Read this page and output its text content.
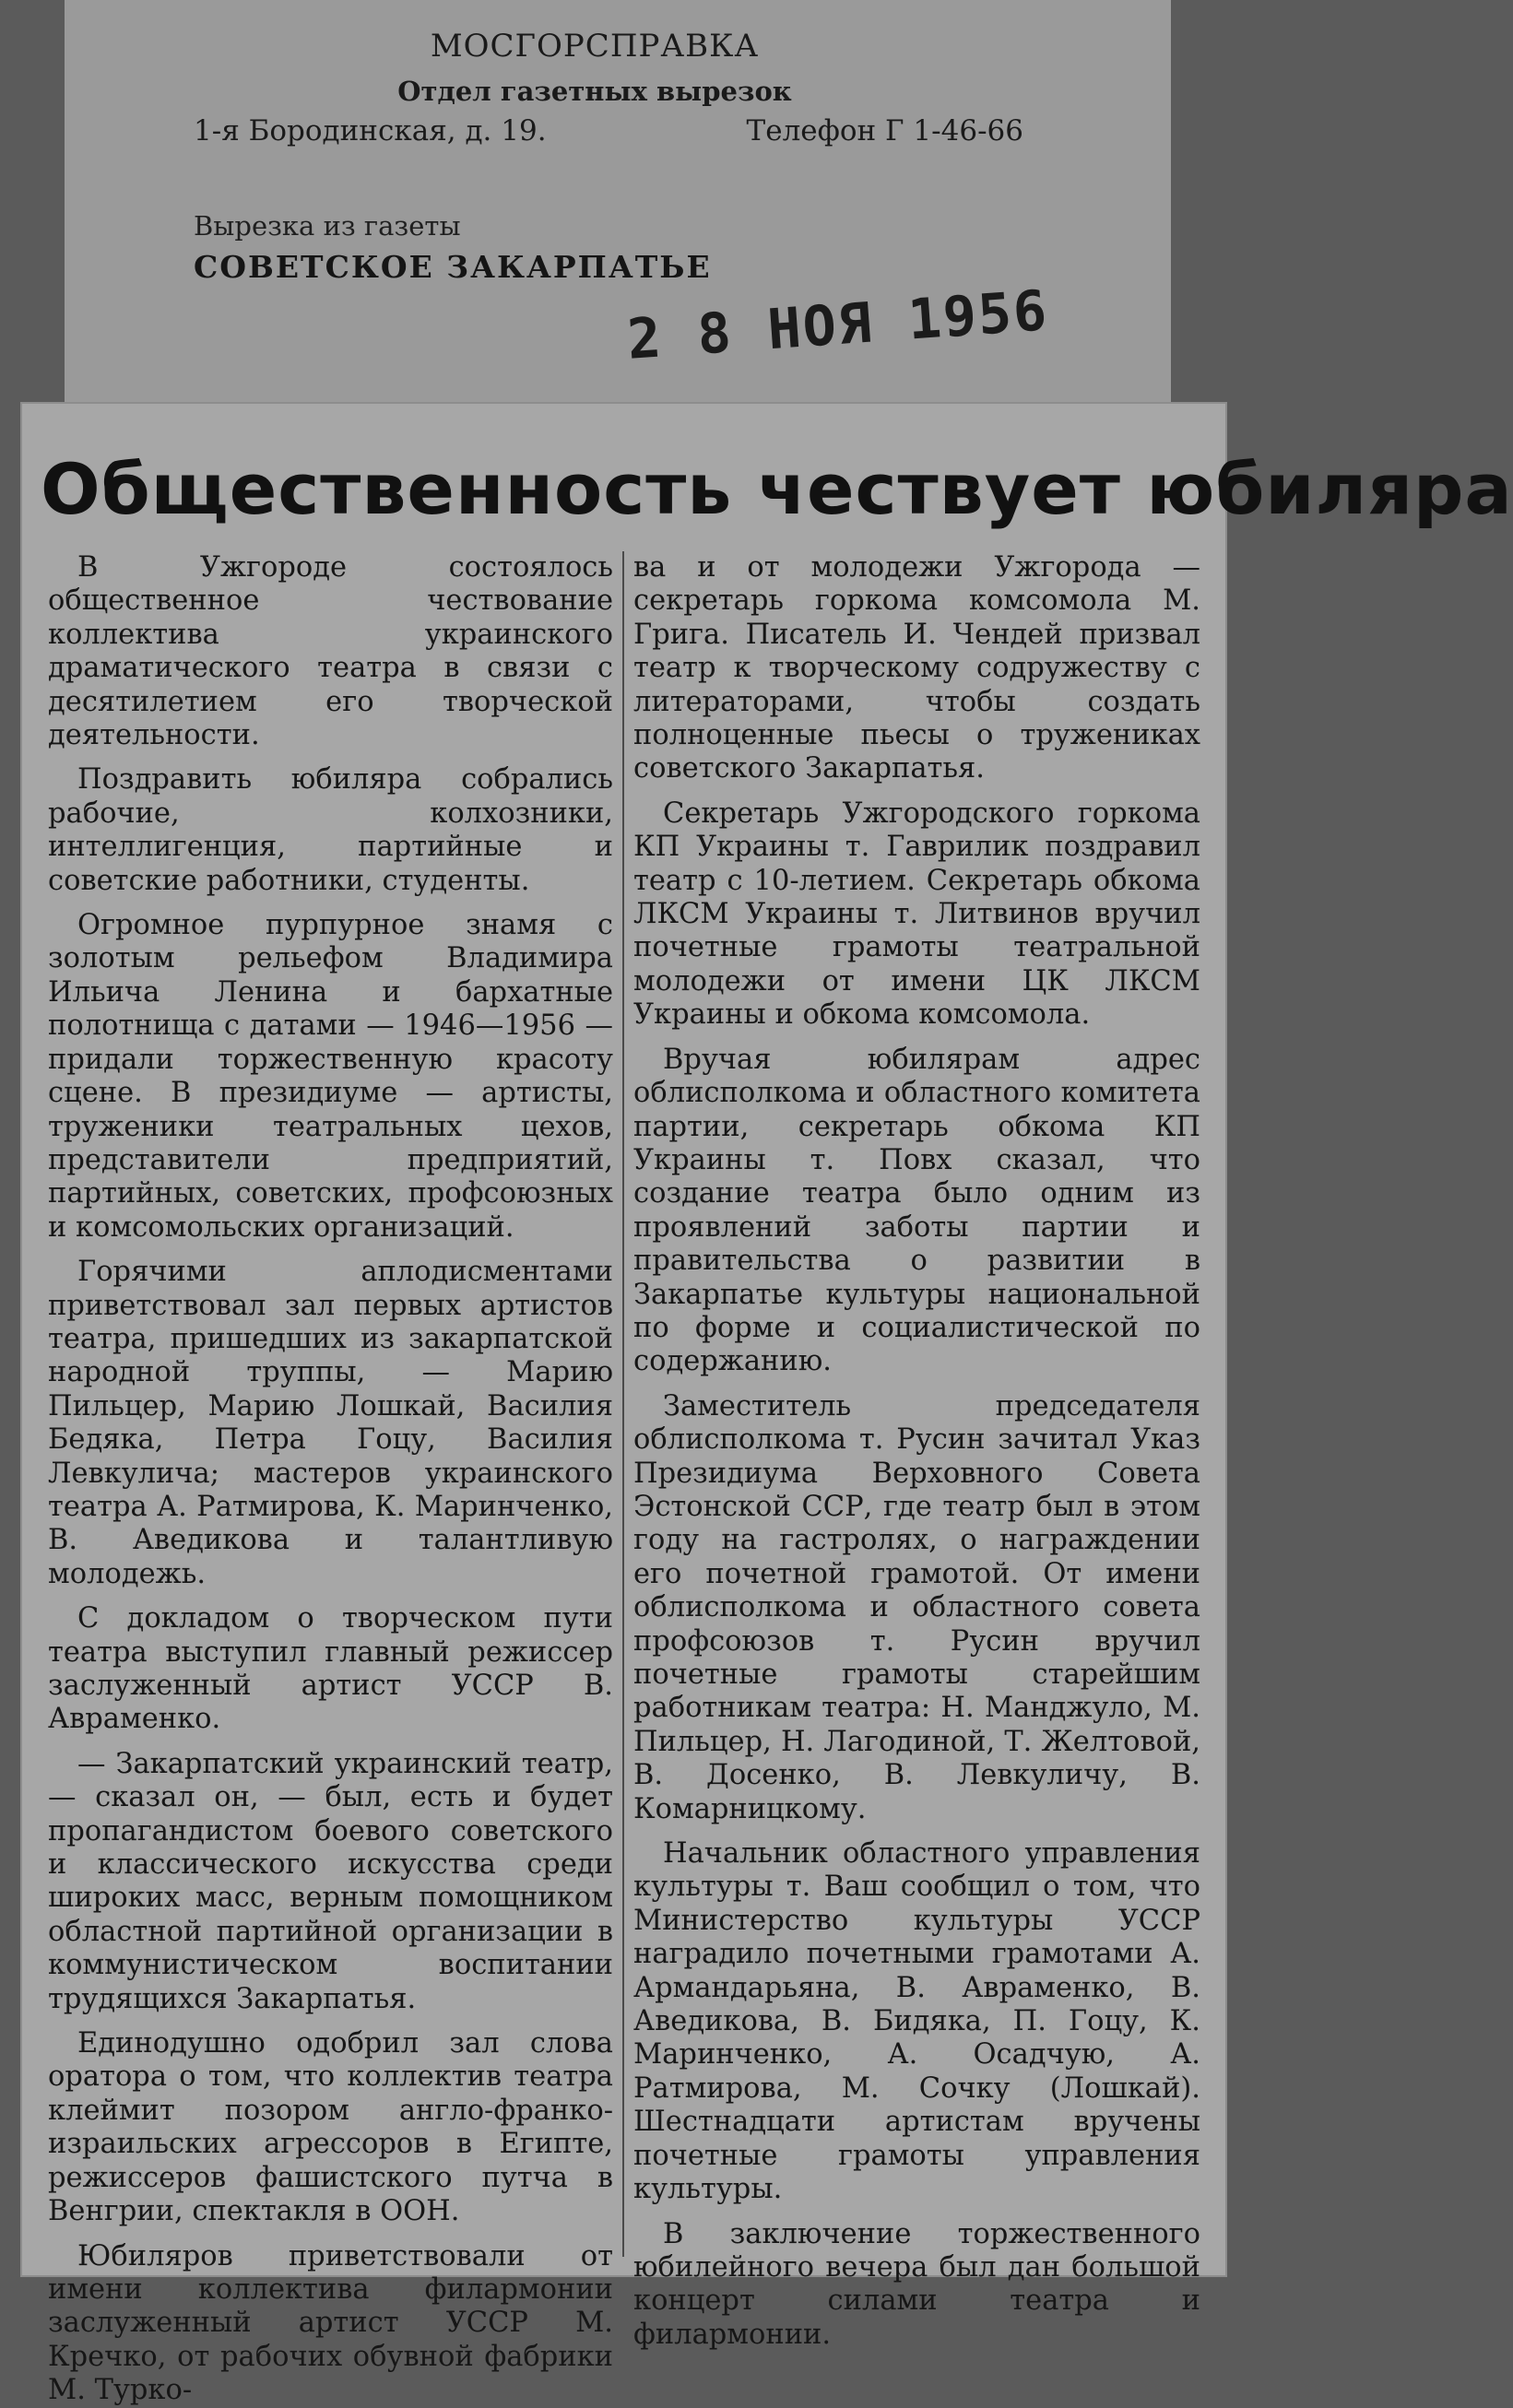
МОСГОРСПРАВКА
Отдел газетных вырезок
1-я Бородинская, д. 19.	Телефон Г 1-46-66
Вырезка из газеты
СОВЕТСКОЕ ЗАКАРПАТЬЕ
2 8 НОЯ 1956
Общественность чествует юбиляра

В Ужгороде состоялось общественное чествование коллектива украинского драматического театра в связи с десятилетием его творческой деятельности.

Поздравить юбиляра собрались рабочие, колхозники, интеллигенция, партийные и советские работники, студенты.

Огромное пурпурное знамя с золотым рельефом Владимира Ильича Ленина и бархатные полотнища с датами — 1946—1956 — придали торжественную красоту сцене. В президиуме — артисты, труженики театральных цехов, представители предприятий, партийных, советских, профсоюзных и комсомольских организаций.

Горячими аплодисментами приветствовал зал первых артистов театра, пришедших из закарпатской народной труппы, — Марию Пильцер, Марию Лошкай, Василия Бедяка, Петра Гоцу, Василия Левкулича; мастеров украинского театра А. Ратмирова, К. Маринченко, В. Аведикова и талантливую молодежь.

С докладом о творческом пути театра выступил главный режиссер заслуженный артист УССР В. Авраменко.

— Закарпатский украинский театр, — сказал он, — был, есть и будет пропагандистом боевого советского и классического искусства среди широких масс, верным помощником областной партийной организации в коммунистическом воспитании трудящихся Закарпатья.

Единодушно одобрил зал слова оратора о том, что коллектив театра клеймит позором англо-франко-израильских агрессоров в Египте, режиссеров фашистского путча в Венгрии, спектакля в ООН.

Юбиляров приветствовали от имени коллектива филармонии заслуженный артист УССР М. Кречко, от рабочих обувной фабрики М. Турко-

ва и от молодежи Ужгорода — секретарь горкома комсомола М. Грига. Писатель И. Чендей призвал театр к творческому содружеству с литераторами, чтобы создать полноценные пьесы о тружениках советского Закарпатья.

Секретарь Ужгородского горкома КП Украины т. Гаврилик поздравил театр с 10-летием. Секретарь обкома ЛКСМ Украины т. Литвинов вручил почетные грамоты театральной молодежи от имени ЦК ЛКСМ Украины и обкома комсомола.

Вручая юбилярам адрес облисполкома и областного комитета партии, секретарь обкома КП Украины т. Повх сказал, что создание театра было одним из проявлений заботы партии и правительства о развитии в Закарпатье культуры национальной по форме и социалистической по содержанию.

Заместитель председателя облисполкома т. Русин зачитал Указ Президиума Верховного Совета Эстонской ССР, где театр был в этом году на гастролях, о награждении его почетной грамотой. От имени облисполкома и областного совета профсоюзов т. Русин вручил почетные грамоты старейшим работникам театра: Н. Манджуло, М. Пильцер, Н. Лагодиной, Т. Желтовой, В. Досенко, В. Левкуличу, В. Комарницкому.

Начальник областного управления культуры т. Ваш сообщил о том, что Министерство культуры УССР наградило почетными грамотами А. Армандарьяна, В. Авраменко, В. Аведикова, В. Бидяка, П. Гоцу, К. Маринченко, А. Осадчую, А. Ратмирова, М. Сочку (Лошкай). Шестнадцати артистам вручены почетные грамоты управления культуры.

В заключение торжественного юбилейного вечера был дан большой концерт силами театра и филармонии.
